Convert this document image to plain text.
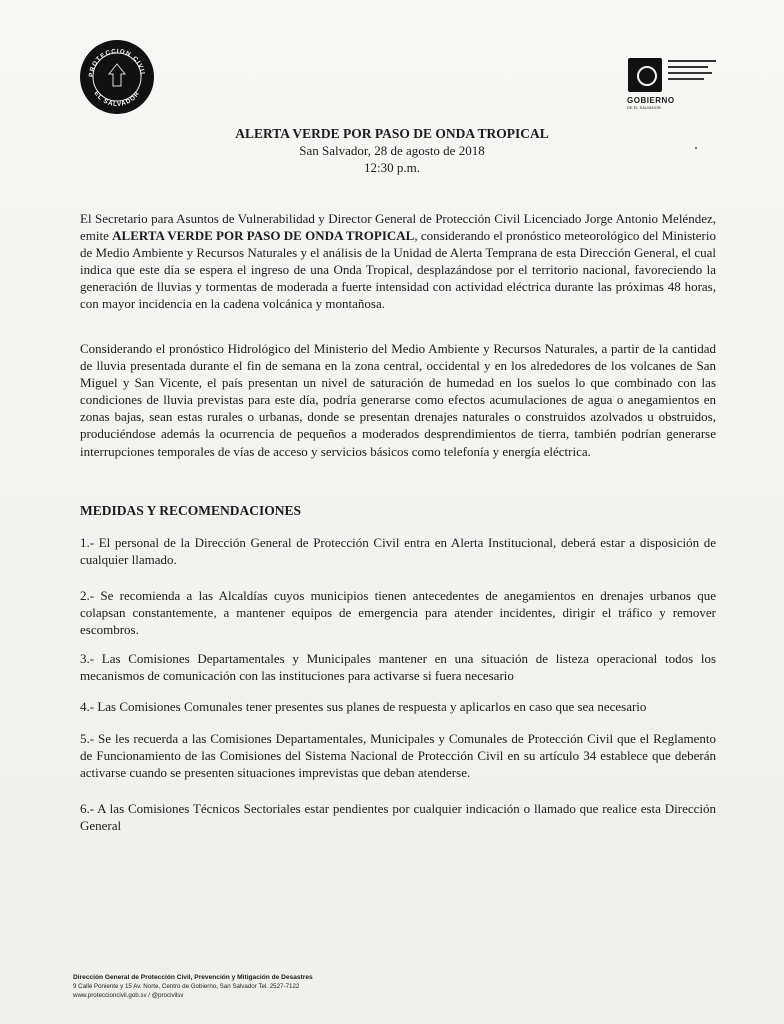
PROTECCION CIVIL
EL SALVADOR
GOBIERNO
DE EL SALVADOR
ALERTA VERDE POR PASO DE ONDA TROPICAL
San Salvador, 28 de agosto de 2018
12:30 p.m.

El Secretario para Asuntos de Vulnerabilidad y Director General de Protección Civil Licenciado Jorge Antonio Meléndez, emite ALERTA VERDE POR PASO DE ONDA TROPICAL, considerando el pronóstico meteorológico del Ministerio de Medio Ambiente y Recursos Naturales y el análisis de la Unidad de Alerta Temprana de esta Dirección General, el cual indica que este día se espera el ingreso de una Onda Tropical, desplazándose por el territorio nacional, favoreciendo la generación de lluvias y tormentas de moderada a fuerte intensidad con actividad eléctrica durante las próximas 48 horas, con mayor incidencia en la cadena volcánica y montañosa.

Considerando el pronóstico Hidrológico del Ministerio del Medio Ambiente y Recursos Naturales, a partir de la cantidad de lluvia presentada durante el fin de semana en la zona central, occidental y en los alrededores de los volcanes de San Miguel y San Vicente, el país presentan un nivel de saturación de humedad en los suelos lo que combinado con las condiciones de lluvia previstas para este día, podría generarse como efectos acumulaciones de agua o anegamientos en zonas bajas, sean estas rurales o urbanas, donde se presentan drenajes naturales o construidos azolvados u obstruidos, produciéndose además la ocurrencia de pequeños a moderados desprendimientos de tierra, también podrían generarse interrupciones temporales de vías de acceso y servicios básicos como telefonía y energía eléctrica.

MEDIDAS Y RECOMENDACIONES

1.- El personal de la Dirección General de Protección Civil entra en Alerta Institucional, deberá estar a disposición de cualquier llamado.

2.- Se recomienda a las Alcaldías cuyos municipios tienen antecedentes de anegamientos en drenajes urbanos que colapsan constantemente, a mantener equipos de emergencia para atender incidentes, dirigir el tráfico y remover escombros.

3.- Las Comisiones Departamentales y Municipales mantener en una situación de listeza operacional todos los mecanismos de comunicación con las instituciones para activarse si fuera necesario

4.- Las Comisiones Comunales tener presentes sus planes de respuesta y aplicarlos en caso que sea necesario

5.- Se les recuerda a las Comisiones Departamentales, Municipales y Comunales de Protección Civil que el Reglamento de Funcionamiento de las Comisiones del Sistema Nacional de Protección Civil en su artículo 34 establece que deberán activarse cuando se presenten situaciones imprevistas que deban atenderse.

6.- A las Comisiones Técnicos Sectoriales estar pendientes por cualquier indicación o llamado que realice esta Dirección General

Dirección General de Protección Civil, Prevención y Mitigación de Desastres
9 Calle Poniente y 15 Av. Norte, Centro de Gobierno, San Salvador Tel. 2527-7122
www.proteccioncivil.gob.sv / @procivilsv
